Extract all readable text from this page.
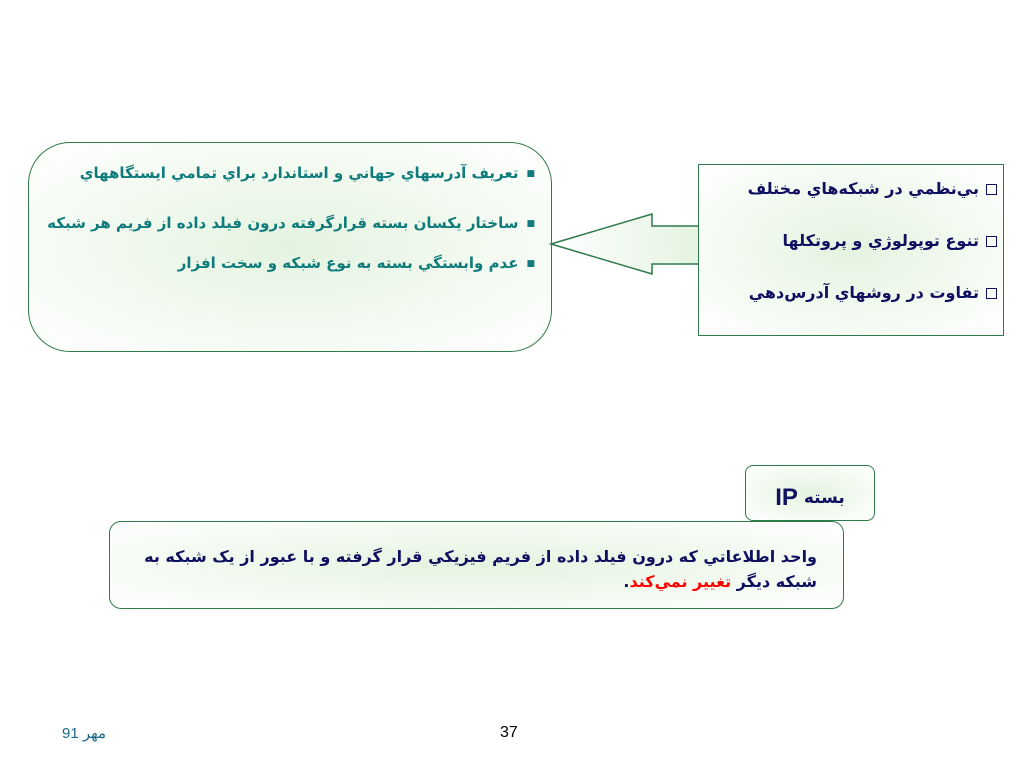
■تعريف آدرسهاي جهاني و استاندارد براي تمامي ايستگاههاي
■ساختار يکسان بسته قرارگرفته درون فيلد داده از فريم هر شبکه
■عدم وابستگي بسته به نوع شبکه و سخت افزار
بي‌نظمي در شبکه‌هاي مختلف
تنوع توپولوژي و پروتکلها
تفاوت در روشهاي آدرس‌دهي
بستهIP
واحد اطلاعاتي که درون فيلد داده از فريم فيزيکي قرار گرفته و با عبور از يک شبکه به شبکه ديگر تغيير نمي‌کند.
مهر 91	37
